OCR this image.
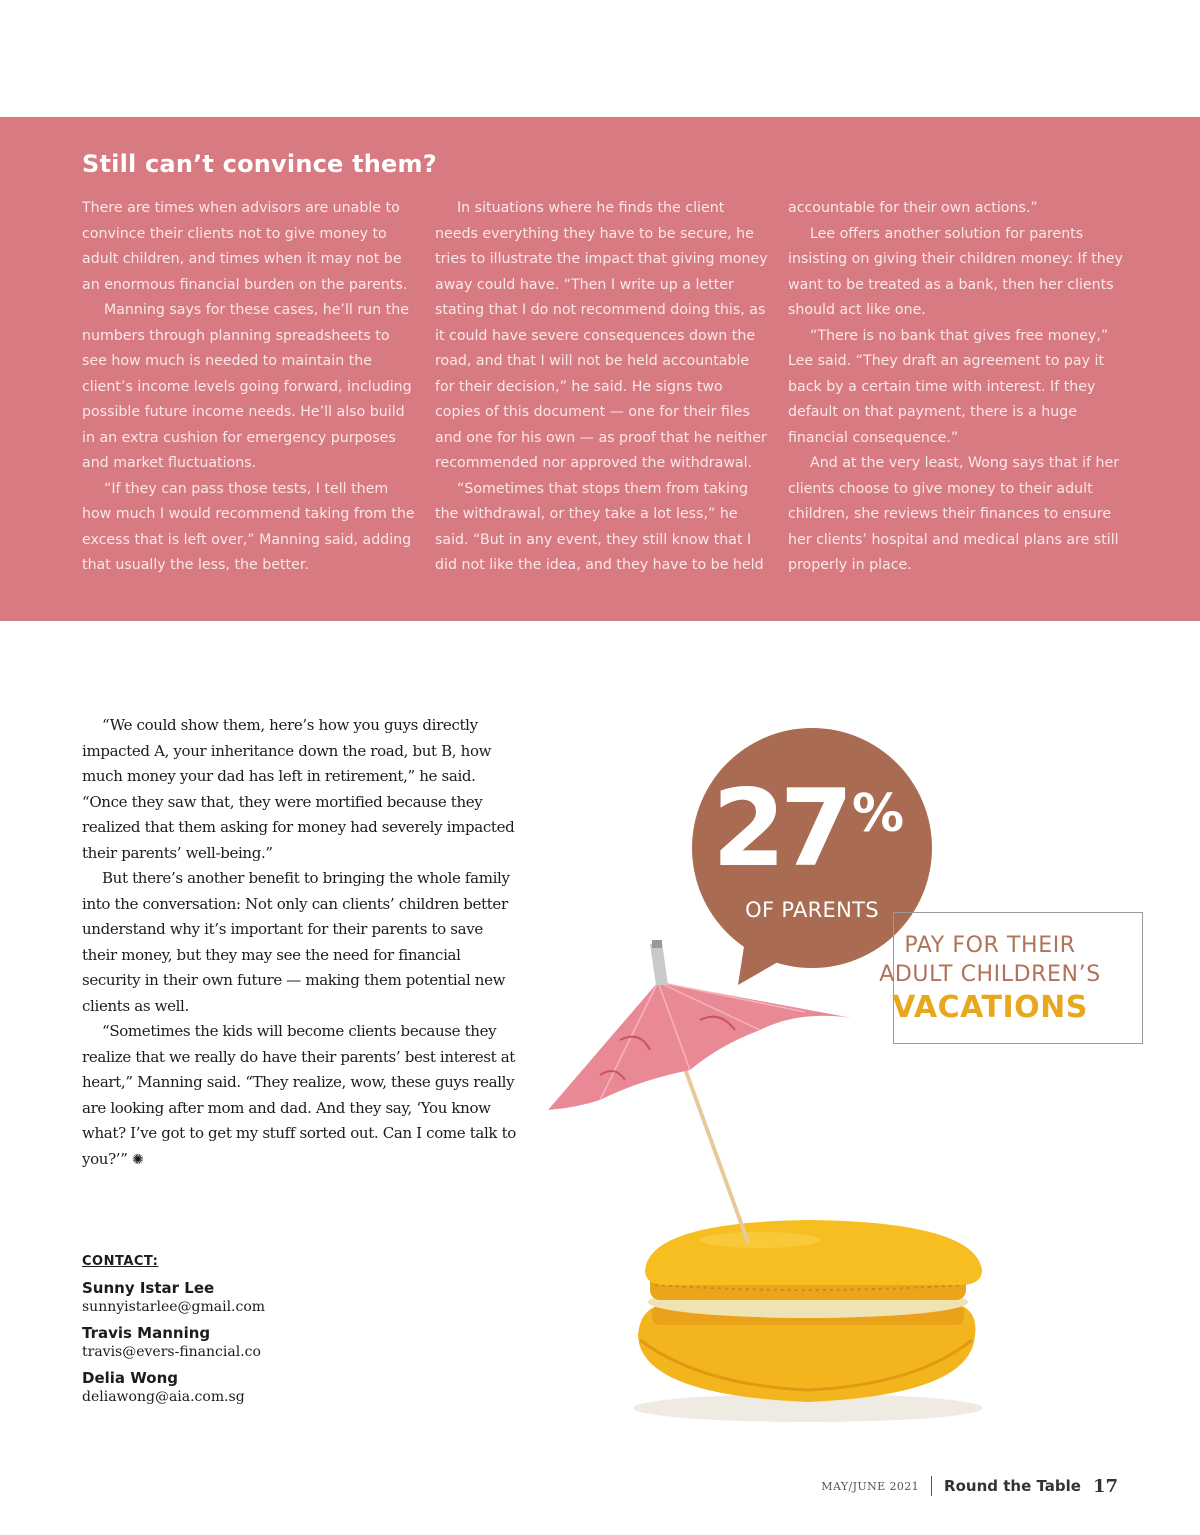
Still can’t convince them?

There are times when advisors are unable to convince their clients not to give money to adult children, and times when it may not be an enormous financial burden on the parents.

Manning says for these cases, he’ll run the numbers through planning spreadsheets to see how much is needed to maintain the client’s income levels going forward, including possible future income needs. He’ll also build in an extra cushion for emergency purposes and market fluctuations.

“If they can pass those tests, I tell them how much I would recommend taking from the excess that is left over,” Manning said, adding that usually the less, the better.

In situations where he finds the client needs everything they have to be secure, he tries to illustrate the impact that giving money away could have. “Then I write up a letter stating that I do not recommend doing this, as it could have severe consequences down the road, and that I will not be held accountable for their decision,” he said. He signs two copies of this document — one for their files and one for his own — as proof that he neither recommended nor approved the withdrawal.

“Sometimes that stops them from taking the withdrawal, or they take a lot less,” he said. “But in any event, they still know that I did not like the idea, and they have to be held

accountable for their own actions.”

Lee offers another solution for parents insisting on giving their children money: If they want to be treated as a bank, then her clients should act like one.

“There is no bank that gives free money,” Lee said. “They draft an agreement to pay it back by a certain time with interest. If they default on that payment, there is a huge financial consequence.”

And at the very least, Wong says that if her clients choose to give money to their adult children, she reviews their finances to ensure her clients’ hospital and medical plans are still properly in place.

“We could show them, here’s how you guys directly impacted A, your inheritance down the road, but B, how much money your dad has left in retirement,” he said. “Once they saw that, they were mortified because they realized that them asking for money had severely impacted their parents’ well-being.”

But there’s another benefit to bringing the whole family into the conversation: Not only can clients’ children better understand why it’s important for their parents to save their money, but they may see the need for financial security in their own future — making them potential new clients as well.

“Sometimes the kids will become clients because they realize that we really do have their parents’ best interest at heart,” Manning said. “They realize, wow, these guys really are looking after mom and dad. And they say, ‘You know what? I’ve got to get my stuff sorted out. Can I come talk to you?’” ✺

CONTACT:
Sunny Istar Lee
sunnyistarlee@gmail.com
Travis Manning
travis@evers-financial.co
Delia Wong
deliawong@aia.com.sg
27 %
OF PARENTS
PAY FOR THEIR
ADULT CHILDREN’S
VACATIONS
MAY/JUNE 2021 Round the Table 17
